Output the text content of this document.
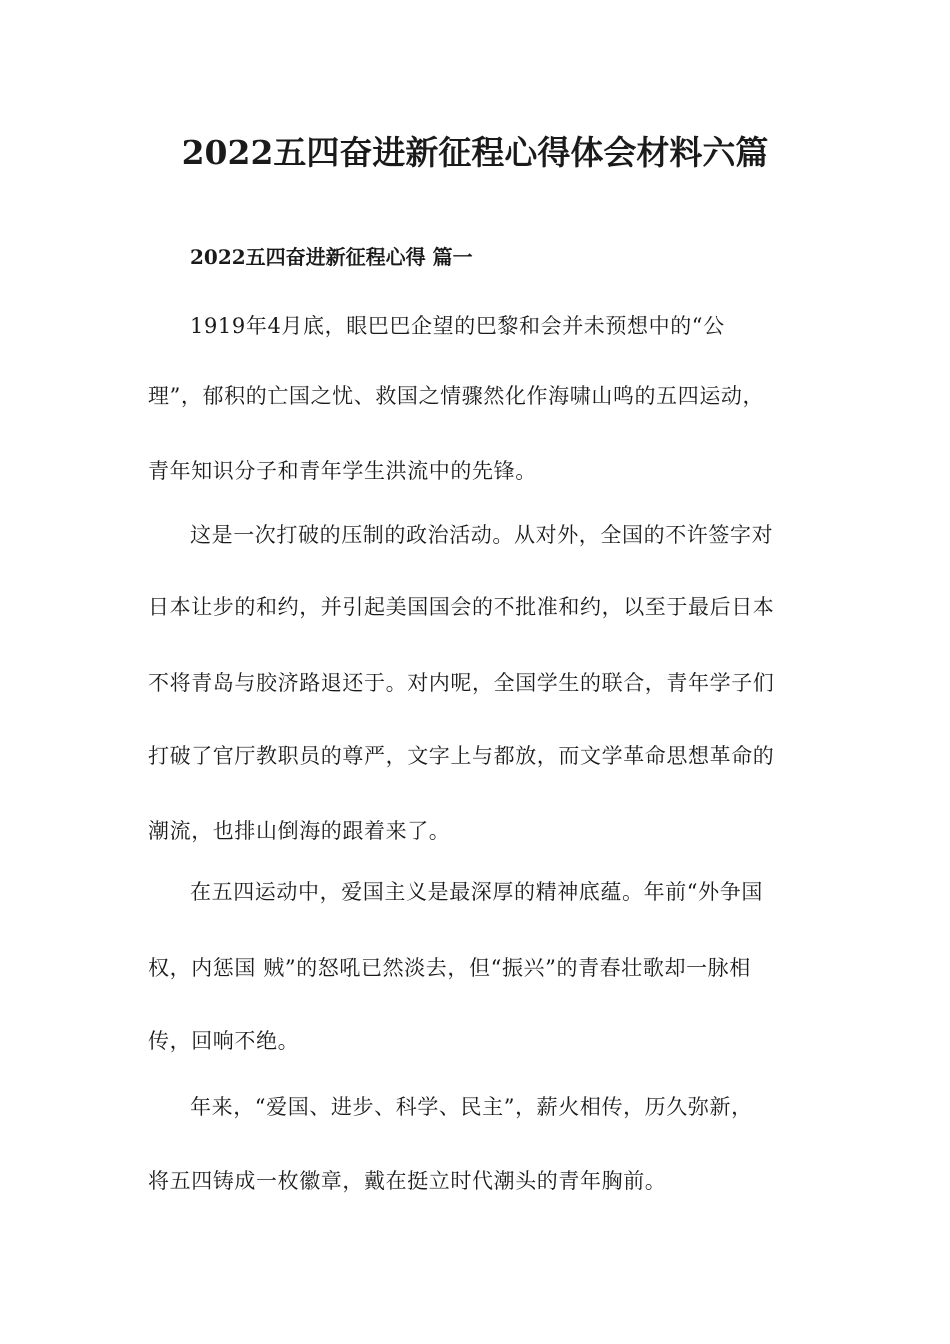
2022五四奋进新征程心得体会材料六篇
2022五四奋进新征程心得 篇一

1919年4月底，眼巴巴企望的巴黎和会并未预想中的“公

理”，郁积的亡国之忧、救国之情骤然化作海啸山鸣的五四运动，

青年知识分子和青年学生洪流中的先锋。

这是一次打破的压制的政治活动。从对外，全国的不许签字对

日本让步的和约，并引起美国国会的不批准和约，以至于最后日本

不将青岛与胶济路退还于。对内呢，全国学生的联合，青年学子们

打破了官厅教职员的尊严，文字上与都放，而文学革命思想革命的

潮流，也排山倒海的跟着来了。

在五四运动中，爱国主义是最深厚的精神底蕴。年前“外争国

权，内惩国 贼”的怒吼已然淡去，但“振兴”的青春壮歌却一脉相

传，回响不绝。

年来，“爱国、进步、科学、民主”，薪火相传，历久弥新，

将五四铸成一枚徽章，戴在挺立时代潮头的青年胸前。
